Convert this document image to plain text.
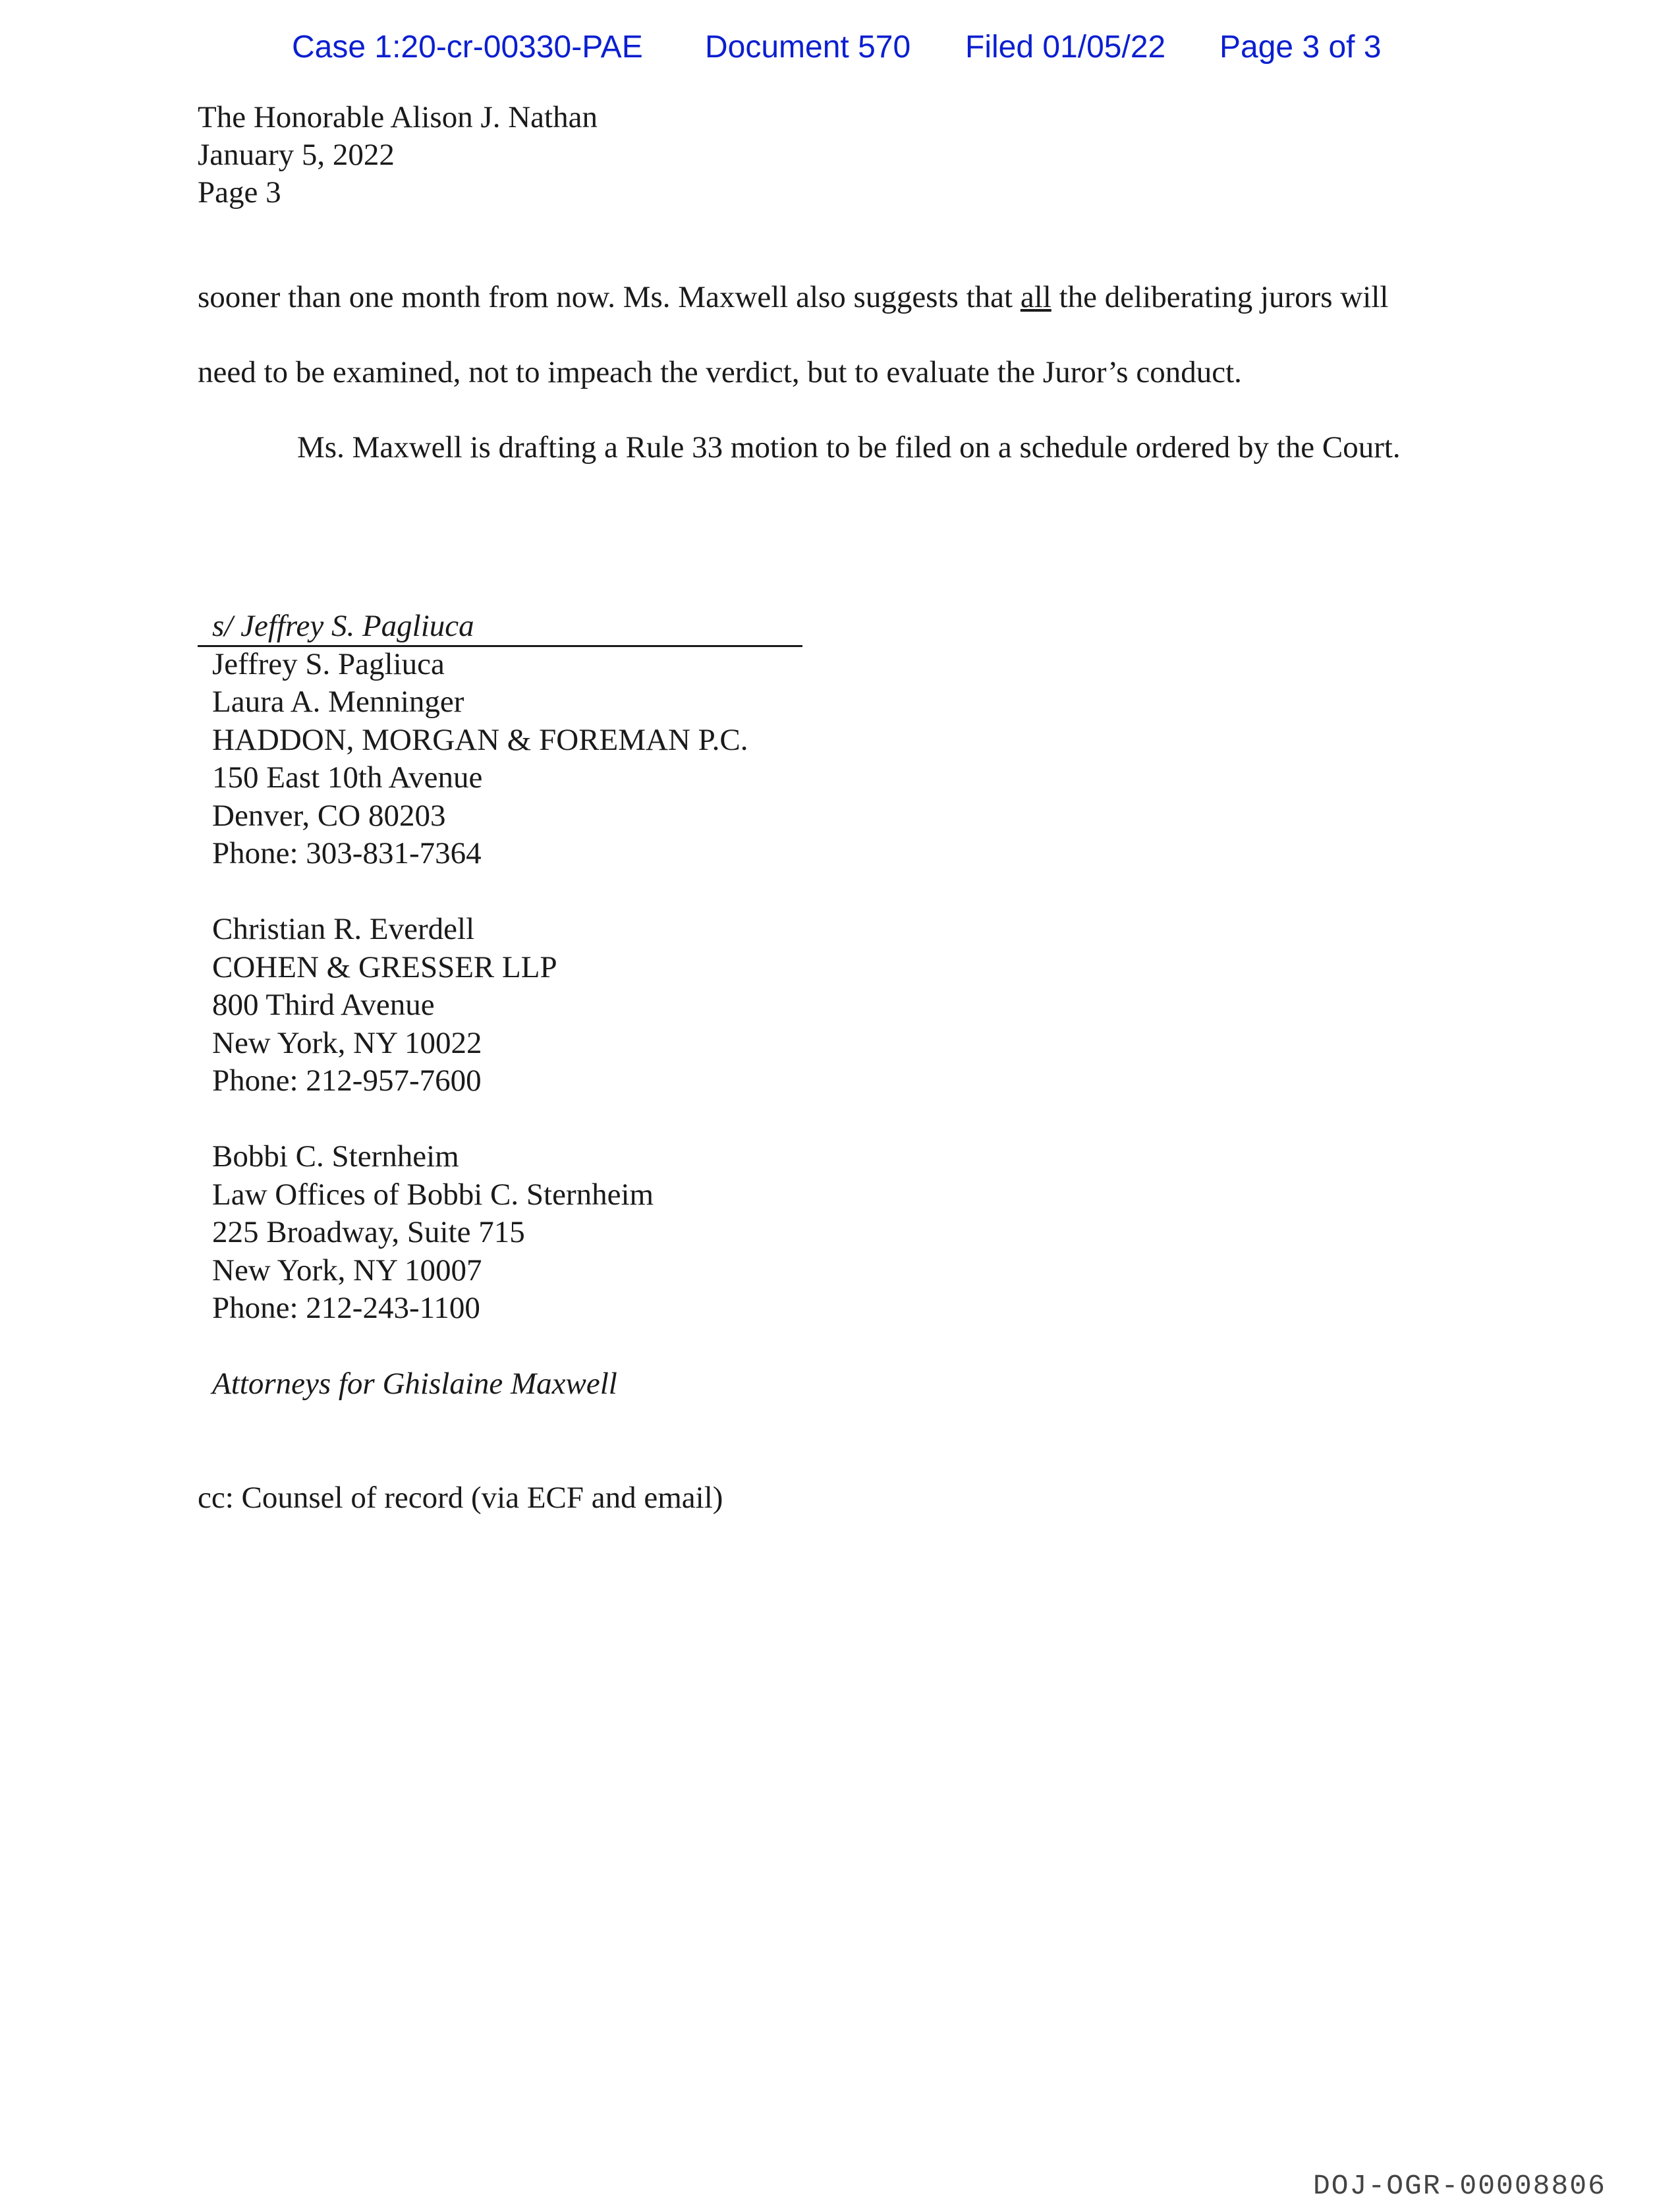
Case 1:20-cr-00330-PAE Document 570 Filed 01/05/22 Page 3 of 3
The Honorable Alison J. Nathan
January 5, 2022
Page 3
sooner than one month from now. Ms. Maxwell also suggests that all the deliberating jurors will
need to be examined, not to impeach the verdict, but to evaluate the Juror’s conduct.
Ms. Maxwell is drafting a Rule 33 motion to be filed on a schedule ordered by the Court.
s/ Jeffrey S. Pagliuca
Jeffrey S. Pagliuca
Laura A. Menninger
HADDON, MORGAN & FOREMAN P.C.
150 East 10th Avenue
Denver, CO 80203
Phone: 303-831-7364
Christian R. Everdell
COHEN & GRESSER LLP
800 Third Avenue
New York, NY 10022
Phone: 212-957-7600
Bobbi C. Sternheim
Law Offices of Bobbi C. Sternheim
225 Broadway, Suite 715
New York, NY 10007
Phone: 212-243-1100
Attorneys for Ghislaine Maxwell
cc: Counsel of record (via ECF and email)
DOJ-OGR-00008806
